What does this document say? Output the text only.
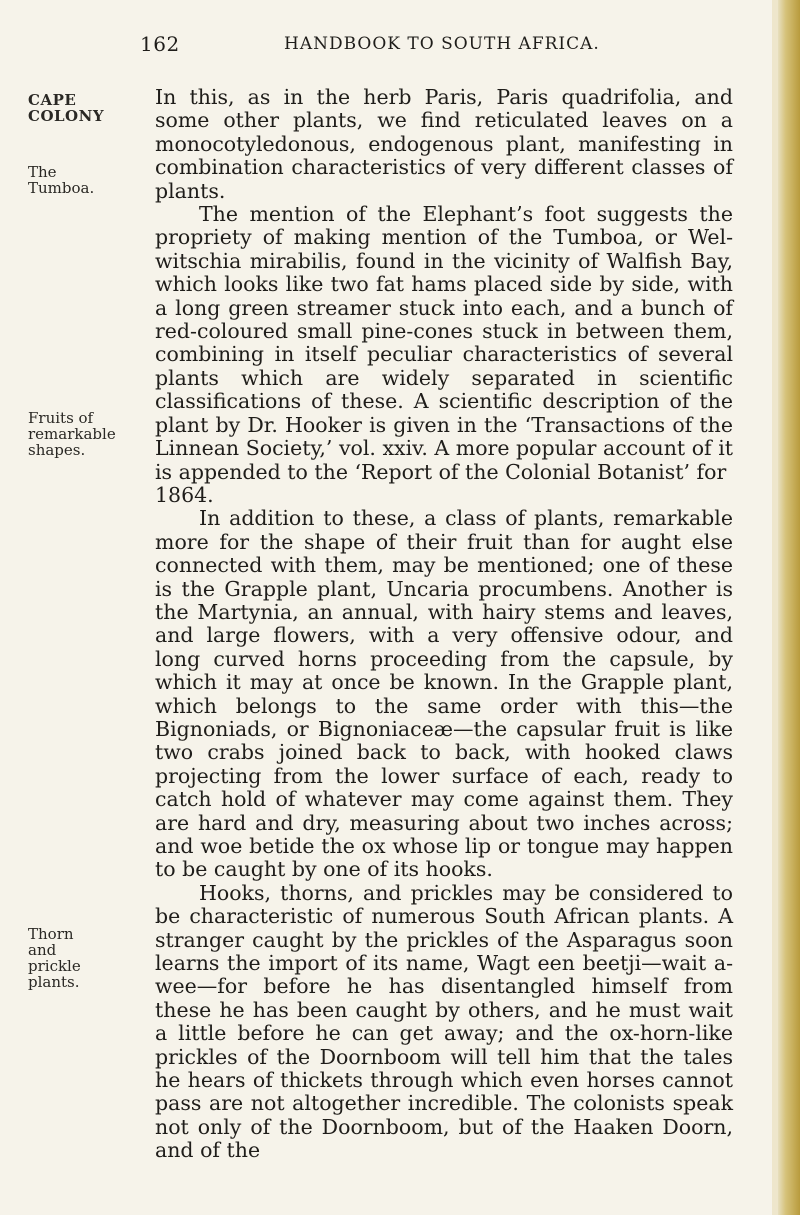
162	HANDBOOK TO SOUTH AFRICA.
CAPE COLONY
The Tumboa.
Fruits of remarkable shapes.
Thorn and prickle plants.

In this, as in the herb Paris, Paris quadrifolia, and some other plants, we find reticulated leaves on a monocotyledonous, endogenous plant, manifesting in combination characteristics of very different classes of plants.

The mention of the Elephant’s foot suggests the propriety of making mention of the Tumboa, or Welwitschia mirabilis, found in the vicinity of Walfish Bay, which looks like two fat hams placed side by side, with a long green streamer stuck into each, and a bunch of red-coloured small pine-cones stuck in between them, combining in itself peculiar characteristics of several plants which are widely separated in scientific classifications of these. A scientific description of the plant by Dr. Hooker is given in the ‘Transactions of the Linnean Society,’ vol. xxiv. A more popular account of it is appended to the ‘Report of the Colonial Botanist’ for

1864.

In addition to these, a class of plants, remarkable more for the shape of their fruit than for aught else connected with them, may be mentioned; one of these is the Grapple plant, Uncaria procumbens. Another is the Martynia, an annual, with hairy stems and leaves, and large flowers, with a very offensive odour, and long curved horns proceeding from the capsule, by which it may at once be known. In the Grapple plant, which belongs to the same order with this—the Bignoniads, or Bignoniaceæ—the capsular fruit is like two crabs joined back to back, with hooked claws projecting from the lower surface of each, ready to catch hold of whatever may come against them. They are hard and dry, measuring about two inches across; and woe betide the ox whose lip or tongue may happen to be caught by one of its hooks.

Hooks, thorns, and prickles may be considered to be characteristic of numerous South African plants. A stranger caught by the prickles of the Asparagus soon learns the import of its name, Wagt een beetji—wait a-wee—for before he has disentangled himself from these he has been caught by others, and he must wait a little before he can get away; and the ox-horn-like prickles of the Doornboom will tell him that the tales he hears of thickets through which even horses cannot pass are not altogether incredible. The colonists speak not only of the Doornboom, but of the Haaken Doorn, and of the
